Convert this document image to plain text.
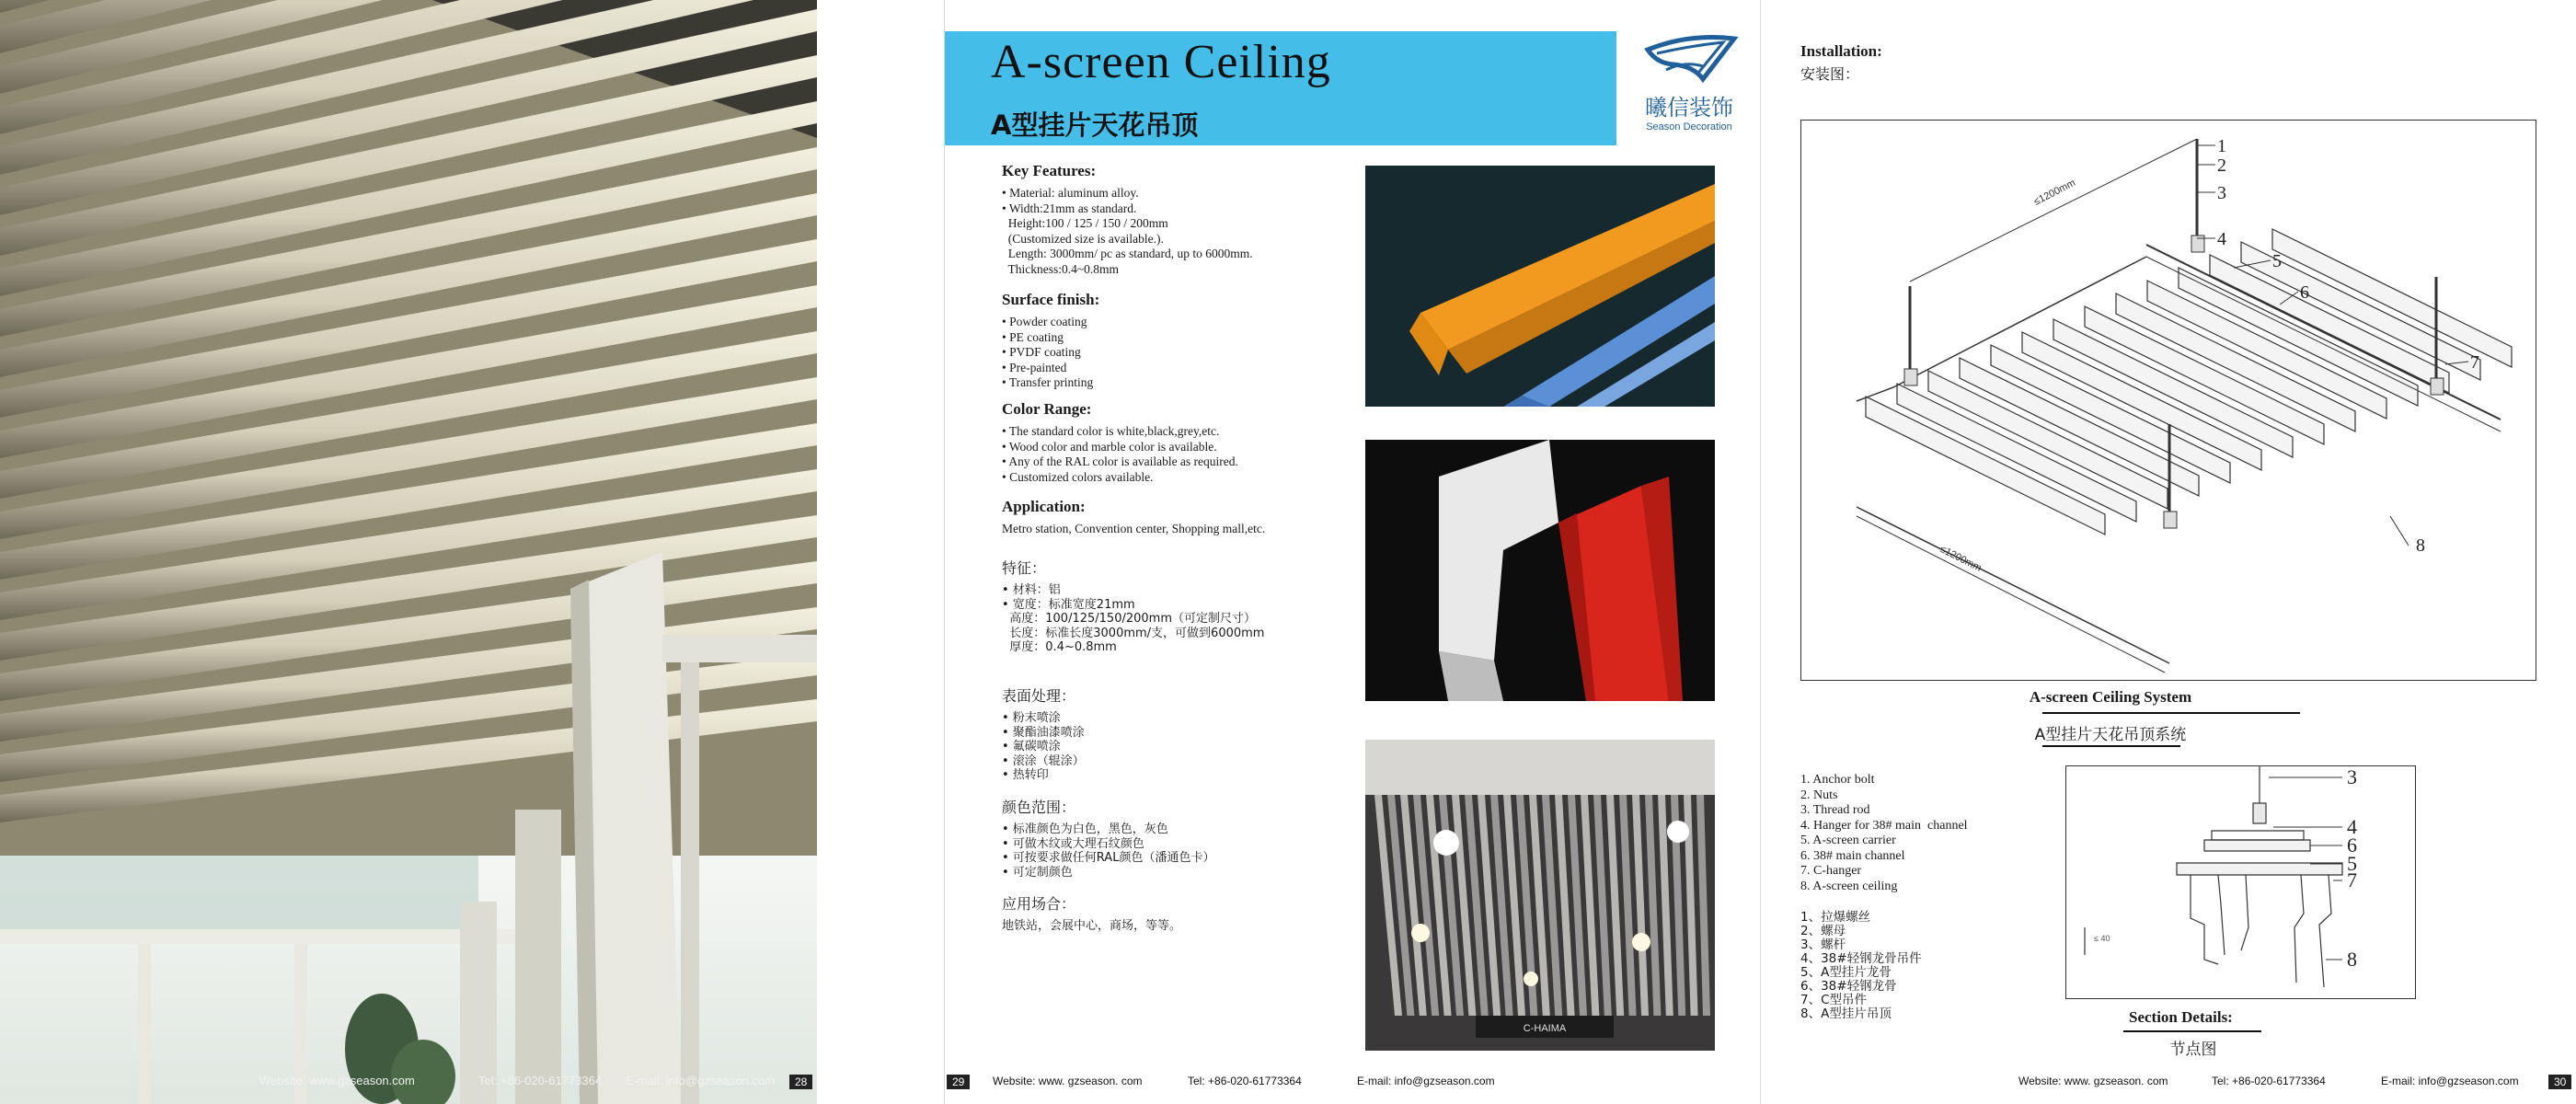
Website: www.gzseason.com	Tel: +86-020-61773364 E-mail: info@gzseason.com	28
A-screen Ceiling
A型挂片天花吊顶
曦信装饰
Season Decoration
Key Features:
• Material: aluminum alloy.
• Width:21mm as standard.
Height:100 / 125 / 150 / 200mm
(Customized size is available.).
Length: 3000mm/ pc as standard, up to 6000mm.
Thickness:0.4~0.8mm
Surface finish:
• Powder coating
• PE coating
• PVDF coating
• Pre-painted
• Transfer printing
Color Range:
• The standard color is white,black,grey,etc.
• Wood color and marble color is available.
• Any of the RAL color is available as required.
• Customized colors available.
Application:
Metro station, Convention center, Shopping mall,etc.
特征：
• 材料：铝
• 宽度：标准宽度21mm
高度：100/125/150/200mm（可定制尺寸）
长度：标准长度3000mm/支，可做到6000mm
厚度：0.4~0.8mm
表面处理：
• 粉末喷涂
• 聚酯油漆喷涂
• 氟碳喷涂
• 滚涂（辊涂）
• 热转印
颜色范围：
• 标准颜色为白色，黑色，灰色
• 可做木纹或大理石纹颜色
• 可按要求做任何RAL颜色（潘通色卡）
• 可定制颜色
应用场合：
地铁站，会展中心，商场，等等。
C-HAIMA
29	Website: www. gzseason. com	Tel: +86-020-61773364	E-mail: info@gzseason.com
Installation:
安装图：
≤1200mm
≤1200mm
1
2
3
4
5
6
7
8
A-screen Ceiling System
A型挂片天花吊顶系统
1. Anchor bolt
2. Nuts
3. Thread rod
4. Hanger for 38# main  channel
5. A-screen carrier
6. 38# main channel
7. C-hanger
8. A-screen ceiling
1、拉爆螺丝
2、螺母
3、螺杆
4、38#轻钢龙骨吊件
5、A型挂片龙骨
6、38#轻钢龙骨
7、C型吊件
8、A型挂片吊顶
≤ 40
3
4
6
5
7
8
Section Details:
节点图
Website: www. gzseason. com	Tel: +86-020-61773364	E-mail: info@gzseason.com	30
